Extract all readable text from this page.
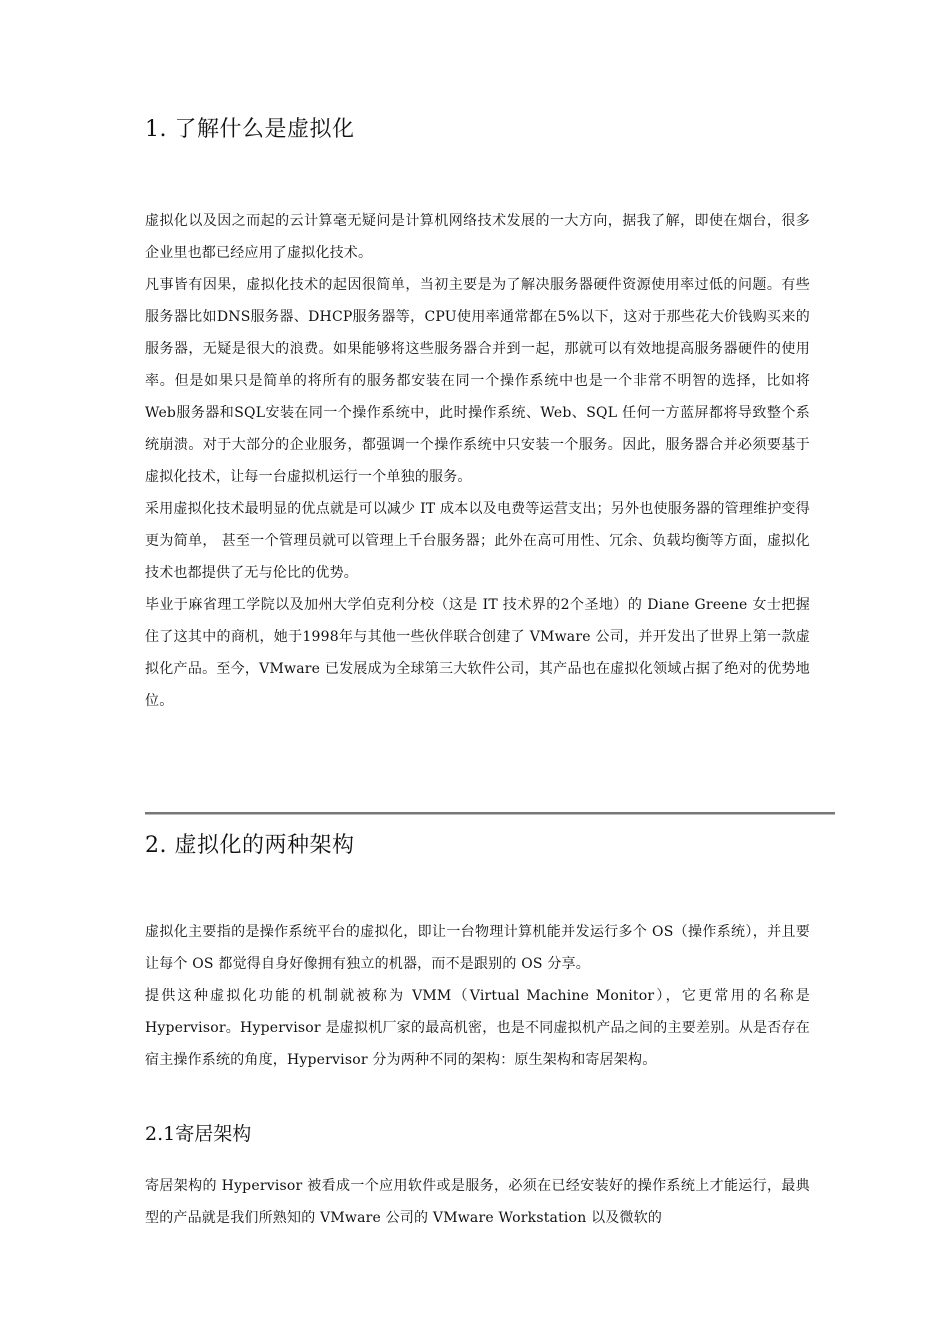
1. 了解什么是虚拟化

虚拟化以及因之而起的云计算毫无疑问是计算机网络技术发展的一大方向，据我了解，即使在烟台，很多企业里也都已经应用了虚拟化技术。

凡事皆有因果，虚拟化技术的起因很简单，当初主要是为了解决服务器硬件资源使用率过低的问题。有些服务器比如DNS服务器、DHCP服务器等，CPU使用率通常都在5%以下，这对于那些花大价钱购买来的服务器，无疑是很大的浪费。如果能够将这些服务器合并到一起，那就可以有效地提高服务器硬件的使用率。但是如果只是简单的将所有的服务都安装在同一个操作系统中也是一个非常不明智的选择，比如将Web服务器和SQL安装在同一个操作系统中，此时操作系统、Web、SQL 任何一方蓝屏都将导致整个系统崩溃。对于大部分的企业服务，都强调一个操作系统中只安装一个服务。因此，服务器合并必须要基于虚拟化技术，让每一台虚拟机运行一个单独的服务。

采用虚拟化技术最明显的优点就是可以减少 IT 成本以及电费等运营支出；另外也使服务器的管理维护变得更为简单， 甚至一个管理员就可以管理上千台服务器；此外在高可用性、冗余、负载均衡等方面，虚拟化技术也都提供了无与伦比的优势。

毕业于麻省理工学院以及加州大学伯克利分校（这是 IT 技术界的2个圣地）的 Diane Greene 女士把握住了这其中的商机，她于1998年与其他一些伙伴联合创建了 VMware 公司，并开发出了世界上第一款虚拟化产品。至今，VMware 已发展成为全球第三大软件公司，其产品也在虚拟化领域占据了绝对的优势地位。

2. 虚拟化的两种架构

虚拟化主要指的是操作系统平台的虚拟化，即让一台物理计算机能并发运行多个 OS（操作系统），并且要让每个 OS 都觉得自身好像拥有独立的机器，而不是跟别的 OS 分享。

提供这种虚拟化功能的机制就被称为 VMM（Virtual Machine Monitor），它更常用的名称是 Hypervisor。Hypervisor 是虚拟机厂家的最高机密，也是不同虚拟机产品之间的主要差别。从是否存在宿主操作系统的角度，Hypervisor 分为两种不同的架构：原生架构和寄居架构。

2.1寄居架构

寄居架构的 Hypervisor 被看成一个应用软件或是服务，必须在已经安装好的操作系统上才能运行，最典型的产品就是我们所熟知的 VMware 公司的 VMware Workstation 以及微软的
